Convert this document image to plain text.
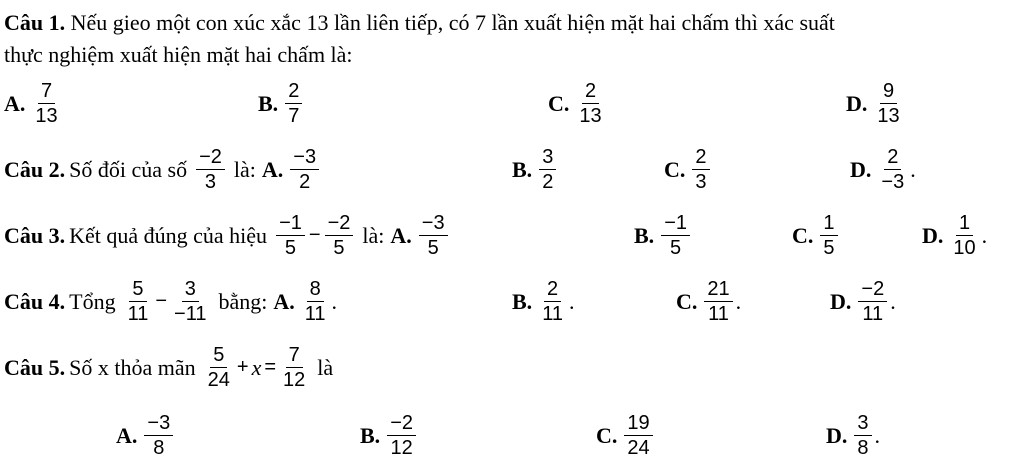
Câu 1. Nếu gieo một con xúc xắc 13 lần liên tiếp, có 7 lần xuất hiện mặt hai chấm thì xác suất
thực nghiệm xuất hiện mặt hai chấm là:
A. $\frac{7}{13}$	B. $\frac{2}{7}$	C. $\frac{2}{13}$	D. $\frac{9}{13}$
Câu 2. Số đối của số $\frac{-2}{3}$ là: A. $\frac{-3}{2}$	B. $\frac{3}{2}$	C. $\frac{2}{3}$	D. $\frac{2}{-3}$ .
Câu 3. Kết quả đúng của hiệu $\frac{-1}{5} - \frac{-2}{5}$ là: A. $\frac{-3}{5}$	B. $\frac{-1}{5}$	C. $\frac{1}{5}$	D. $\frac{1}{10}$ .
Câu 4. Tổng $\frac{5}{11} - \frac{3}{-11}$ bằng: A. $\frac{8}{11}$ .	B. $\frac{2}{11}$ .	C. $\frac{21}{11}$ .	D. $\frac{-2}{11}$ .
Câu 5. Số x thỏa mãn $\frac{5}{24} + x = \frac{7}{12}$ là
A. $\frac{-3}{8}$	B. $\frac{-2}{12}$	C. $\frac{19}{24}$	D. $\frac{3}{8}$ .
